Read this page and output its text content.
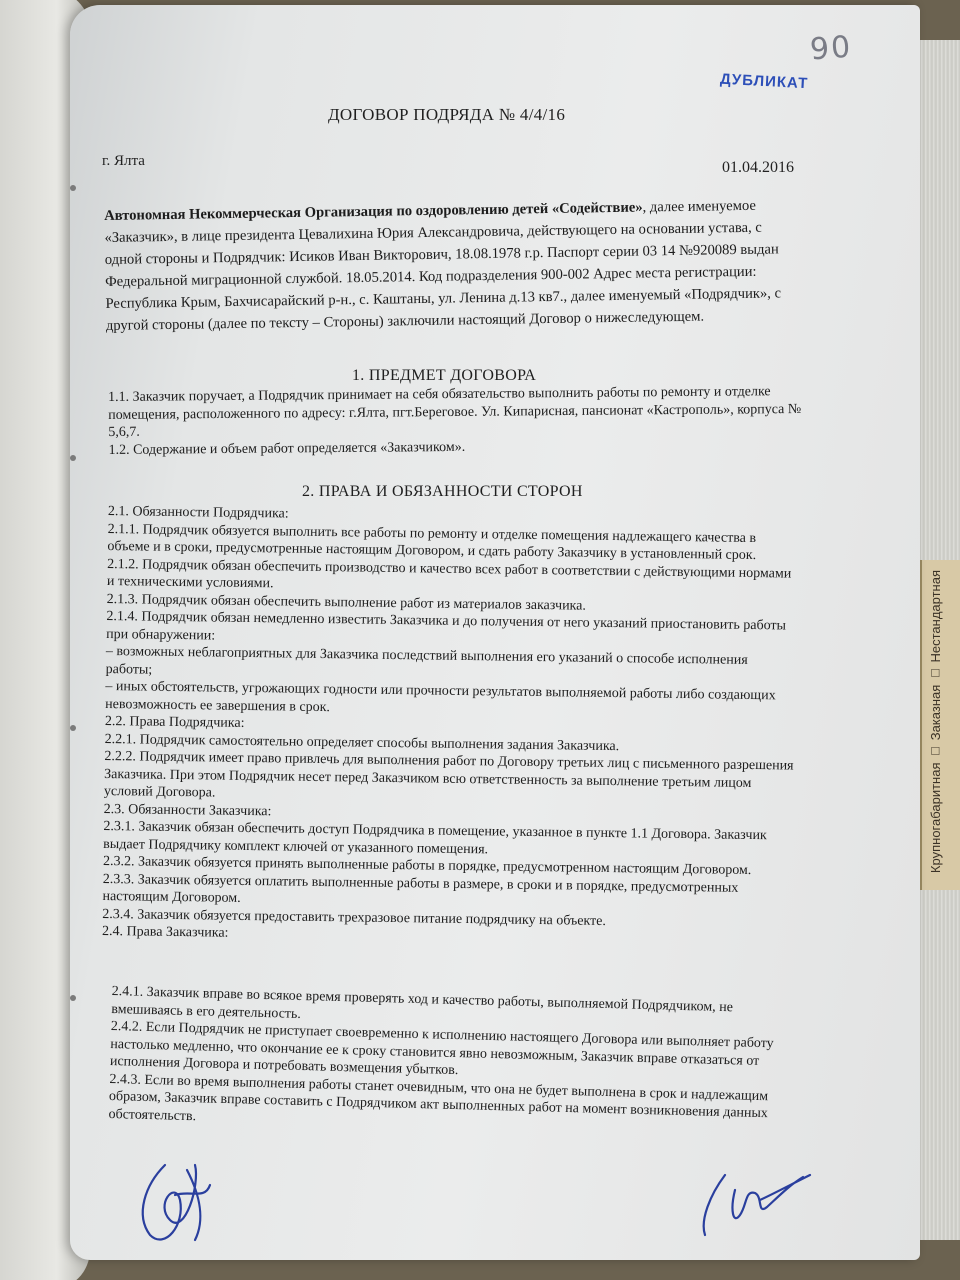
Крупногабаритная □ Заказная □ Нестандартная
90
ДУБЛИКАТ
ДОГОВОР ПОДРЯДА № 4/4/16
г. Ялта	01.04.2016
Автономная Некоммерческая Организация по оздоровлению детей «Содействие», далее именуемое «Заказчик», в лице президента Цевалихина Юрия Александровича, действующего на основании устава, с одной стороны и Подрядчик: Исиков Иван Викторович, 18.08.1978 г.р. Паспорт серии 03 14 №920089 выдан Федеральной миграционной службой. 18.05.2014. Код подразделения 900-002 Адрес места регистрации: Республика Крым, Бахчисарайский р-н., с. Каштаны, ул. Ленина д.13 кв7., далее именуемый «Подрядчик», с другой стороны (далее по тексту – Стороны) заключили настоящий Договор о нижеследующем.
1. ПРЕДМЕТ ДОГОВОРА
1.1. Заказчик поручает, а Подрядчик принимает на себя обязательство выполнить работы по ремонту и отделке помещения, расположенного по адресу: г.Ялта, пгт.Береговое. Ул. Кипарисная, пансионат «Кастрополь», корпуса № 5,6,7.
1.2. Содержание и объем работ определяется «Заказчиком».
2. ПРАВА И ОБЯЗАННОСТИ СТОРОН
2.1. Обязанности Подрядчика:
2.1.1. Подрядчик обязуется выполнить все работы по ремонту и отделке помещения надлежащего качества в объеме и в сроки, предусмотренные настоящим Договором, и сдать работу Заказчику в установленный срок.
2.1.2. Подрядчик обязан обеспечить производство и качество всех работ в соответствии с действующими нормами и техническими условиями.
2.1.3. Подрядчик обязан обеспечить выполнение работ из материалов заказчика.
2.1.4. Подрядчик обязан немедленно известить Заказчика и до получения от него указаний приостановить работы при обнаружении:
– возможных неблагоприятных для Заказчика последствий выполнения его указаний о способе исполнения работы;
– иных обстоятельств, угрожающих годности или прочности результатов выполняемой работы либо создающих невозможность ее завершения в срок.
2.2. Права Подрядчика:
2.2.1. Подрядчик самостоятельно определяет способы выполнения задания Заказчика.
2.2.2. Подрядчик имеет право привлечь для выполнения работ по Договору третьих лиц с письменного разрешения Заказчика. При этом Подрядчик несет перед Заказчиком всю ответственность за выполнение третьим лицом условий Договора.
2.3. Обязанности Заказчика:
2.3.1. Заказчик обязан обеспечить доступ Подрядчика в помещение, указанное в пункте 1.1 Договора. Заказчик выдает Подрядчику комплект ключей от указанного помещения.
2.3.2. Заказчик обязуется принять выполненные работы в порядке, предусмотренном настоящим Договором.
2.3.3. Заказчик обязуется оплатить выполненные работы в размере, в сроки и в порядке, предусмотренных настоящим Договором.
2.3.4. Заказчик обязуется предоставить трехразовое питание подрядчику на объекте.
2.4. Права Заказчика:
2.4.1. Заказчик вправе во всякое время проверять ход и качество работы, выполняемой Подрядчиком, не вмешиваясь в его деятельность.
2.4.2. Если Подрядчик не приступает своевременно к исполнению настоящего Договора или выполняет работу настолько медленно, что окончание ее к сроку становится явно невозможным, Заказчик вправе отказаться от исполнения Договора и потребовать возмещения убытков.
2.4.3. Если во время выполнения работы станет очевидным, что она не будет выполнена в срок и надлежащим образом, Заказчик вправе составить с Подрядчиком акт выполненных работ на момент возникновения данных обстоятельств.
